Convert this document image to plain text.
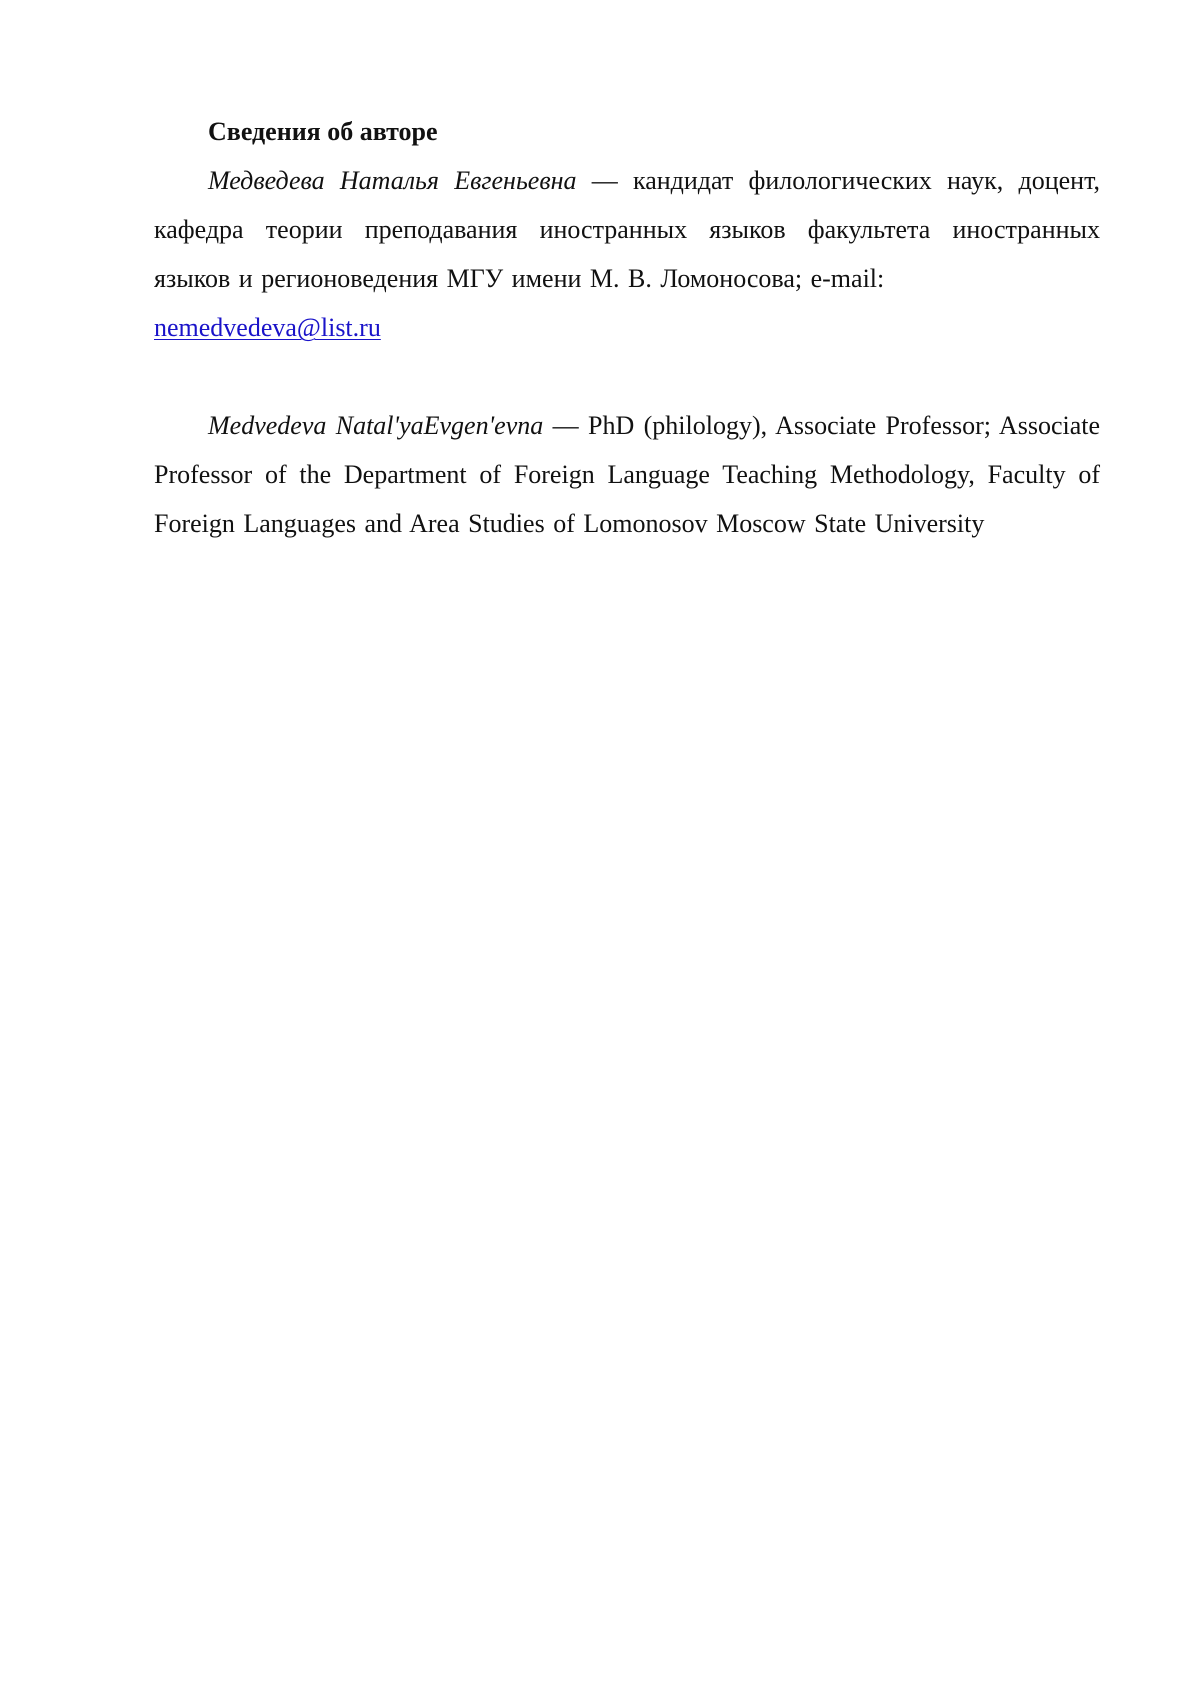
Сведения об авторе

Медведева Наталья Евгеньевна — кандидат филологических наук, доцент, кафедра теории преподавания иностранных языков факультета иностранных языков и регионоведения МГУ имени М. В. Ломоносова; e-mail:

nemedvedeva@list.ru

Medvedeva Natal'yaEvgen'evna — PhD (philology), Associate Professor; Associate Professor of the Department of Foreign Language Teaching Methodology, Faculty of Foreign Languages and Area Studies of Lomonosov Moscow State University
